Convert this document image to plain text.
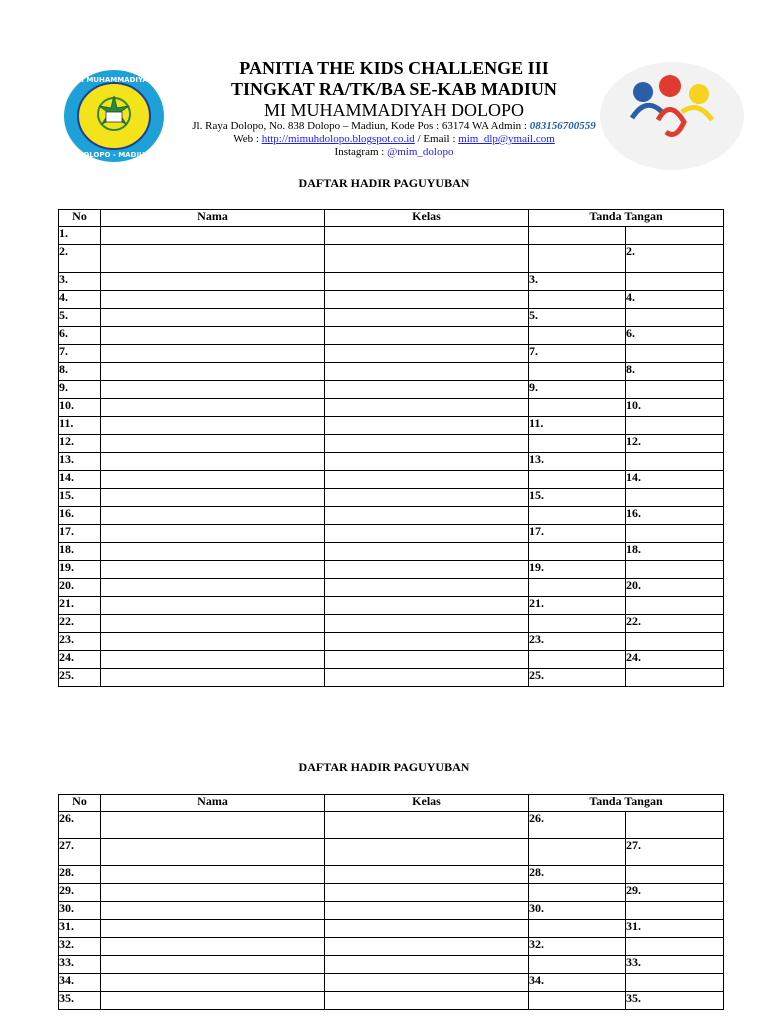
MI MUHAMMADIYAH
DOLOPO - MADIUN
PANITIA THE KIDS CHALLENGE III
TINGKAT RA/TK/BA SE-KAB MADIUN
MI MUHAMMADIYAH DOLOPO
Jl. Raya Dolopo, No. 838 Dolopo – Madiun, Kode Pos : 63174 WA Admin : 083156700559
Web : http://mimuhdolopo.blogspot.co.id / Email : mim_dlp@ymail.com
Instagram : @mim_dolopo
DAFTAR HADIR PAGUYUBAN
No	Nama	Kelas	Tanda Tangan	
1.				
2.				2.
3.			3.	
4.				4.
5.			5.	
6.				6.
7.			7.	
8.				8.
9.			9.	
10.				10.
11.			11.	
12.				12.
13.			13.	
14.				14.
15.			15.	
16.				16.
17.			17.	
18.				18.
19.			19.	
20.				20.
21.			21.	
22.				22.
23.			23.	
24.				24.
25.			25.	
DAFTAR HADIR PAGUYUBAN
No	Nama	Kelas	Tanda Tangan	
26.			26.	
27.				27.
28.			28.	
29.				29.
30.			30.	
31.				31.
32.			32.	
33.				33.
34.			34.	
35.				35.
